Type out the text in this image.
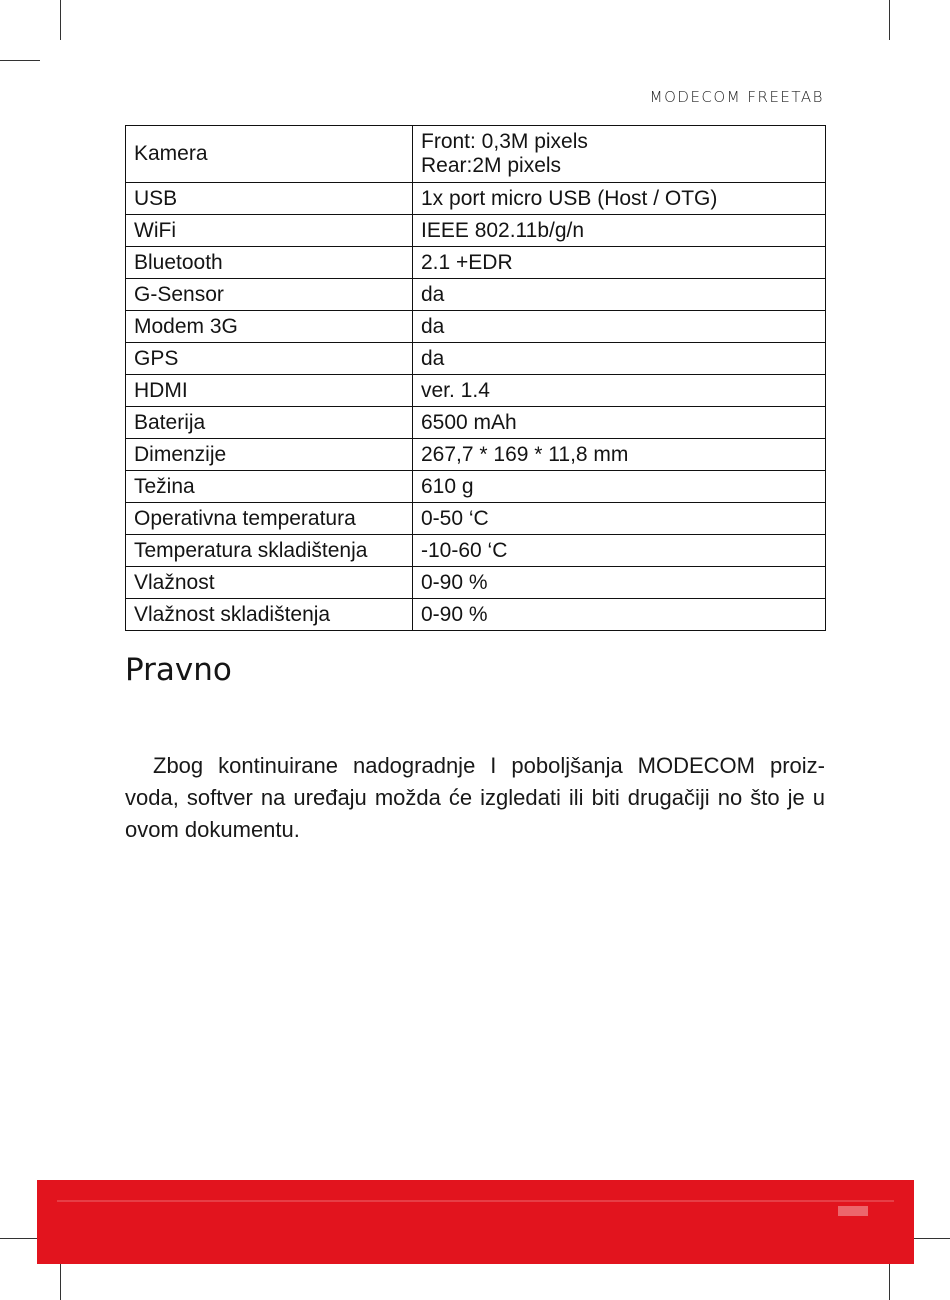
MODECOM FREETAB
Kamera	Front: 0,3M pixels
Rear:2M pixels

USB	1x port micro USB (Host / OTG)
WiFi	IEEE 802.11b/g/n
Bluetooth	2.1 +EDR
G-Sensor	da
Modem 3G	da
GPS	da
HDMI	ver. 1.4
Baterija	6500 mAh
Dimenzije	267,7 * 169 * 11,8 mm
Težina	610 g
Operativna temperatura	0-50 ‘C
Temperatura skladištenja	-10-60 ‘C
Vlažnost	0-90 %
Vlažnost skladištenja	0-90 %
Pravno

Zbog kontinuirane nadogradnje I poboljšanja MODECOM proiz-voda, softver na uređaju možda će izgledati ili biti drugačiji no što je u ovom dokumentu.
